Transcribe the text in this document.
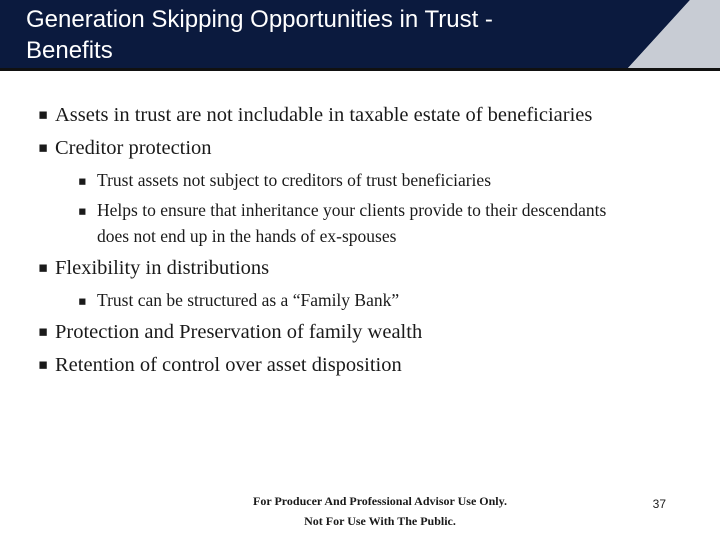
Generation Skipping Opportunities in Trust -
Benefits
▪ Assets in trust are not includable in taxable estate of beneficiaries
▪ Creditor protection
▪ Trust assets not subject to creditors of trust beneficiaries
▪ Helps to ensure that inheritance your clients provide to their descendants does not end up in the hands of ex-spouses
▪ Flexibility in distributions
▪ Trust can be structured as a “Family Bank”
▪ Protection and Preservation of family wealth
▪ Retention of control over asset disposition
For Producer And Professional Advisor Use Only.
Not For Use With The Public.
37
